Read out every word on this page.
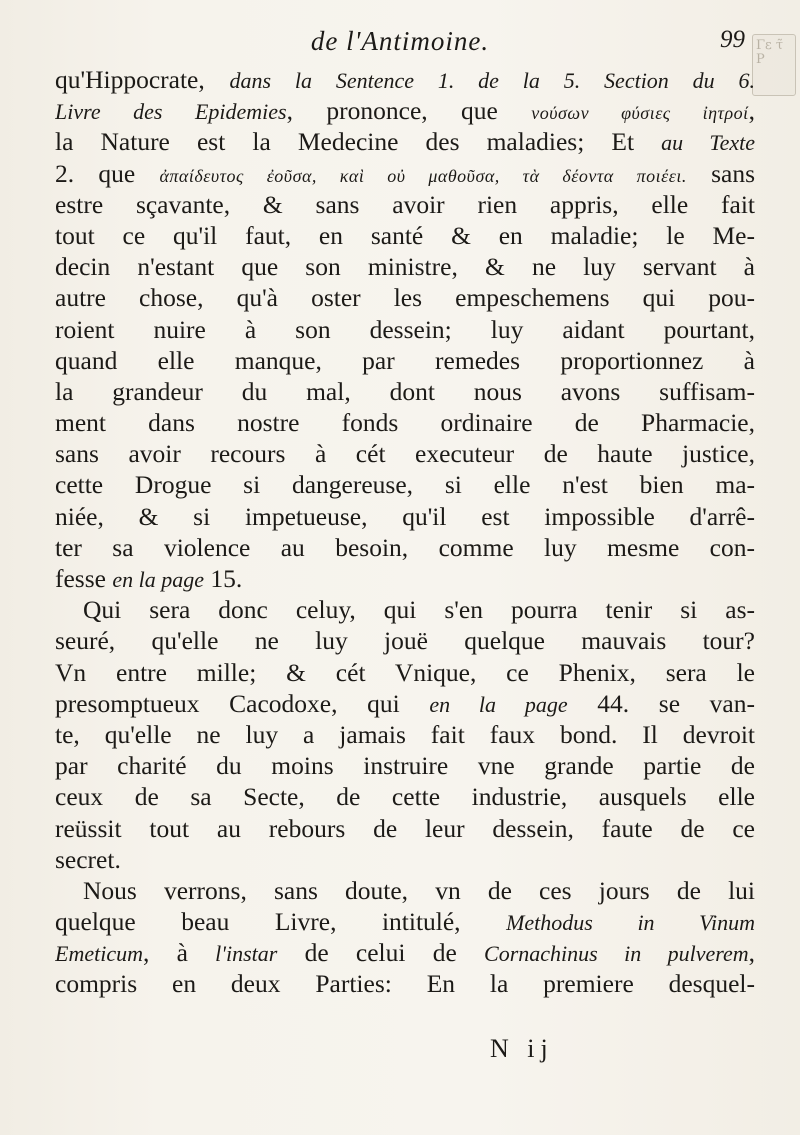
Γε τ̃ Ρ
de l'Antimoine.	99
qu'Hippocrate, dans la Sentence 1. de la 5. Section du 6.
Livre des Epidemies, prononce, que νούσων φύσιες ἰητροί,
la Nature est la Medecine des maladies; Et au Texte
2. que ἀπαίδευτος ἐοῦσα, καὶ οὐ μαθοῦσα, τὰ δέοντα ποιέει. sans
estre sçavante, & sans avoir rien appris, elle fait
tout ce qu'il faut, en santé & en maladie; le Me-
decin n'estant que son ministre, & ne luy servant à
autre chose, qu'à oster les empeschemens qui pou-
roient nuire à son dessein; luy aidant pourtant,
quand elle manque, par remedes proportionnez à
la grandeur du mal, dont nous avons suffisam-
ment dans nostre fonds ordinaire de Pharmacie,
sans avoir recours à cét executeur de haute justice,
cette Drogue si dangereuse, si elle n'est bien ma-
niée, & si impetueuse, qu'il est impossible d'arrê-
ter sa violence au besoin, comme luy mesme con-
fesse en la page 15.
Qui sera donc celuy, qui s'en pourra tenir si as-
seuré, qu'elle ne luy jouë quelque mauvais tour?
Vn entre mille; & cét Vnique, ce Phenix, sera le
presomptueux Cacodoxe, qui en la page 44. se van-
te, qu'elle ne luy a jamais fait faux bond. Il devroit
par charité du moins instruire vne grande partie de
ceux de sa Secte, de cette industrie, ausquels elle
reüssit tout au rebours de leur dessein, faute de ce
secret.
Nous verrons, sans doute, vn de ces jours de lui
quelque beau Livre, intitulé, Methodus in Vinum
Emeticum, à l'instar de celui de Cornachinus in pulverem,
compris en deux Parties: En la premiere desquel-
N ij
